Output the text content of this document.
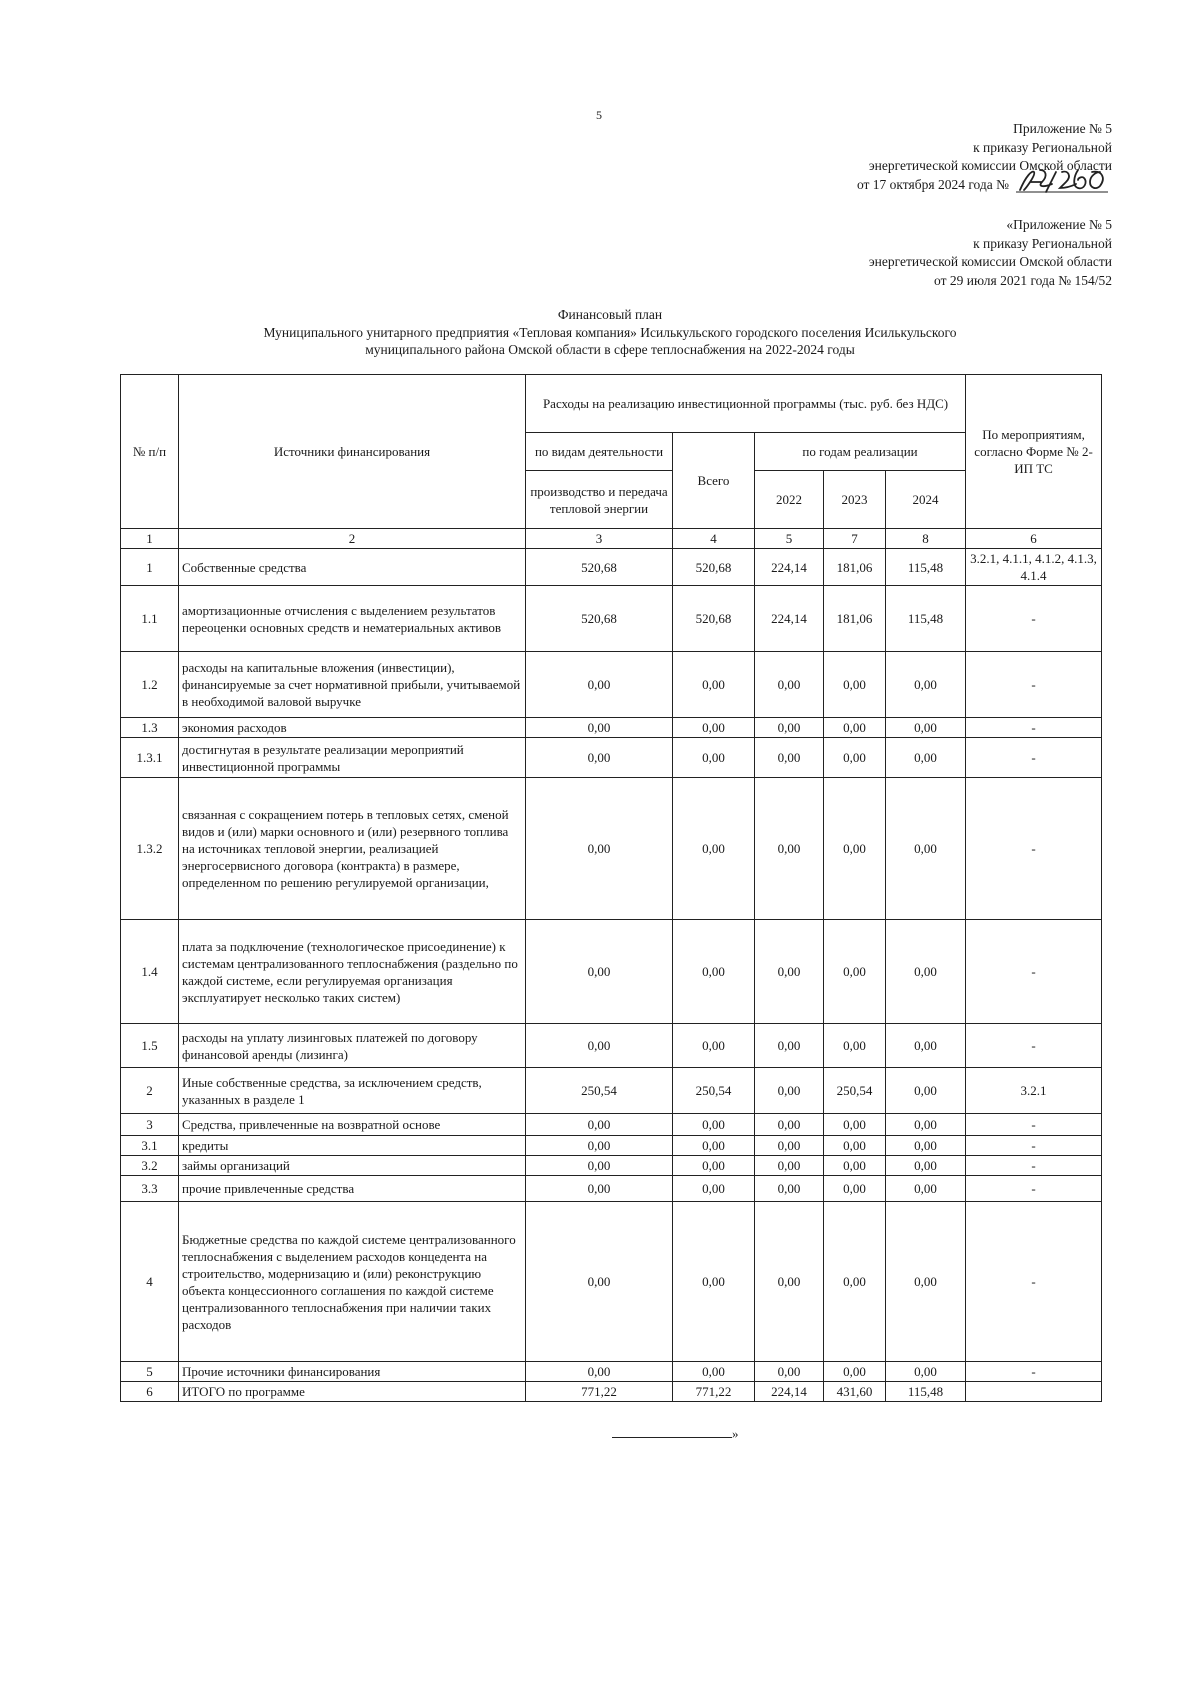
5
Приложение № 5
к приказу Региональной
энергетической комиссии Омской области
от 17 октября 2024 года №
«Приложение № 5
к приказу Региональной
энергетической комиссии Омской области
от 29 июля 2021 года № 154/52
Финансовый план
Муниципального унитарного предприятия «Тепловая компания» Исилькульского городского поселения Исилькульского
муниципального района Омской области в сфере теплоснабжения на 2022-2024 годы
№ п/п	Источники финансирования	Расходы на реализацию инвестиционной программы (тыс. руб. без НДС)					По мероприятиям, согласно Форме № 2-ИП ТС
		по видам деятельности	Всего	по годам реализации			
		производство и передача тепловой энергии		2022	2023	2024	

1	2	3	4	5	7	8	6
1	Собственные средства	520,68	520,68	224,14	181,06	115,48	3.2.1, 4.1.1, 4.1.2, 4.1.3, 4.1.4
1.1	амортизационные отчисления с выделением результатов переоценки основных средств и нематериальных активов	520,68	520,68	224,14	181,06	115,48	-
1.2	расходы на капитальные вложения (инвестиции), финансируемые за счет нормативной прибыли, учитываемой в необходимой валовой выручке	0,00	0,00	0,00	0,00	0,00	-
1.3	экономия расходов	0,00	0,00	0,00	0,00	0,00	-
1.3.1	достигнутая в результате реализации мероприятий инвестиционной программы	0,00	0,00	0,00	0,00	0,00	-
1.3.2	связанная с сокращением потерь в тепловых сетях, сменой видов и (или) марки основного и (или) резервного топлива на источниках тепловой энергии, реализацией энергосервисного договора (контракта) в размере, определенном по решению регулируемой организации,	0,00	0,00	0,00	0,00	0,00	-
1.4	плата за подключение (технологическое присоединение) к системам централизованного теплоснабжения (раздельно по каждой системе, если регулируемая организация эксплуатирует несколько таких систем)	0,00	0,00	0,00	0,00	0,00	-
1.5	расходы на уплату лизинговых платежей по договору финансовой аренды (лизинга)	0,00	0,00	0,00	0,00	0,00	-
2	Иные собственные средства, за исключением средств, указанных в разделе 1	250,54	250,54	0,00	250,54	0,00	3.2.1
3	Средства, привлеченные на возвратной основе	0,00	0,00	0,00	0,00	0,00	-
3.1	кредиты	0,00	0,00	0,00	0,00	0,00	-
3.2	займы организаций	0,00	0,00	0,00	0,00	0,00	-
3.3	прочие привлеченные средства	0,00	0,00	0,00	0,00	0,00	-
4	Бюджетные средства по каждой системе централизованного теплоснабжения с выделением расходов концедента на строительство, модернизацию и (или) реконструкцию объекта концессионного соглашения по каждой системе централизованного теплоснабжения при наличии таких расходов	0,00	0,00	0,00	0,00	0,00	-
5	Прочие источники финансирования	0,00	0,00	0,00	0,00	0,00	-
6	ИТОГО по программе	771,22	771,22	224,14	431,60	115,48	
»
